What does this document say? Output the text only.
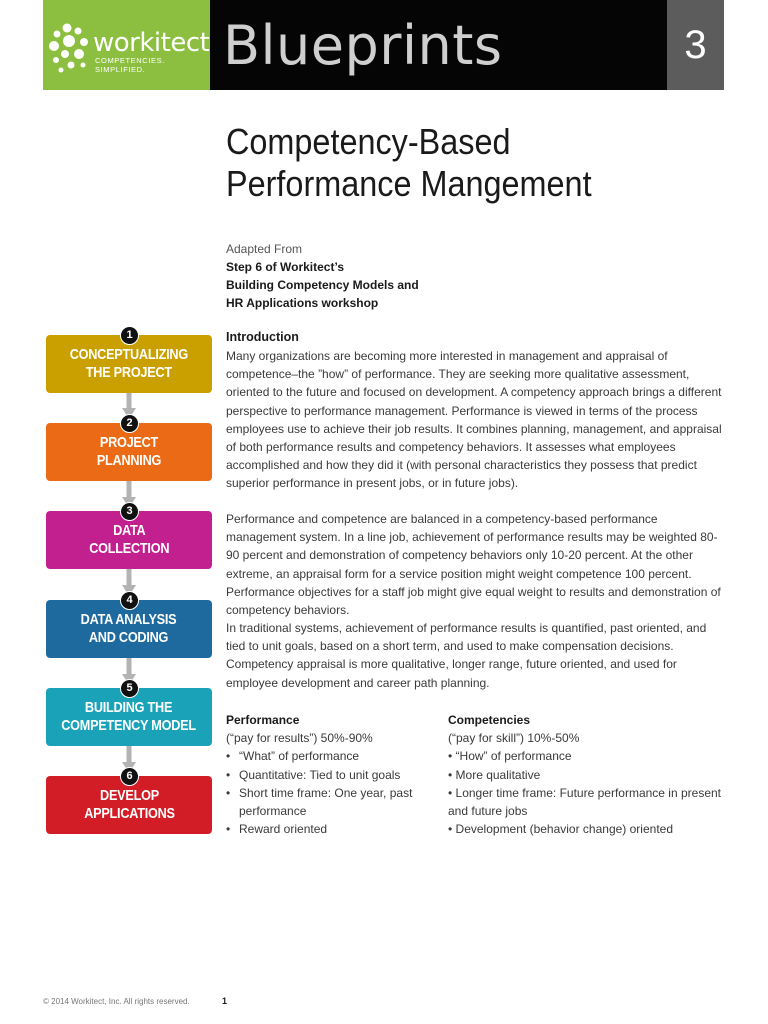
workitect
COMPETENCIES. SIMPLIFIED.	Blueprints	3
Competency-Based
Performance Mangement
Adapted From
Step 6 of Workitect’s
Building Competency Models and
HR Applications workshop
Introduction

Many organizations are becoming more interested in management and appraisal of competence–the ”how” of performance. They are seeking more qualitative assessment, oriented to the future and focused on development. A competency approach brings a different perspective to performance management. Performance is viewed in terms of the process employees use to achieve their job results. It combines planning, management, and appraisal of both performance results and competency behaviors. It assesses what employees accomplished and how they did it (with personal characteristics they possess that predict superior performance in present jobs, or in future jobs).

Performance and competence are balanced in a competency-based performance management system. In a line job, achievement of performance results may be weighted 80-90 percent and demonstration of competency behaviors only 10-20 percent. At the other extreme, an appraisal form for a service position might weight competence 100 percent. Performance objectives for a staff job might give equal weight to results and demonstration of competency behaviors.

In traditional systems, achievement of performance results is quantified, past oriented, and tied to unit goals, based on a short term, and used to make compensation decisions. Competency appraisal is more qualitative, longer range, future oriented, and used for employee development and career path planning.

Performance
(“pay for results”) 50%-90%
• “What” of performance
• Quantitative: Tied to unit goals
• Short time frame: One year, past performance
• Reward oriented
Competencies
(“pay for skill”) 10%-50%
• “How” of performance
• More qualitative
• Longer time frame: Future performance in present and future jobs
• Development (behavior change) oriented
1
CONCEPTUALIZING
THE PROJECT
2
PROJECT
PLANNING
3
DATA
COLLECTION
4
DATA ANALYSIS
AND CODING
5
BUILDING THE
COMPETENCY MODEL
6
DEVELOP
APPLICATIONS
© 2014 Workitect, Inc. All rights reserved.	1
